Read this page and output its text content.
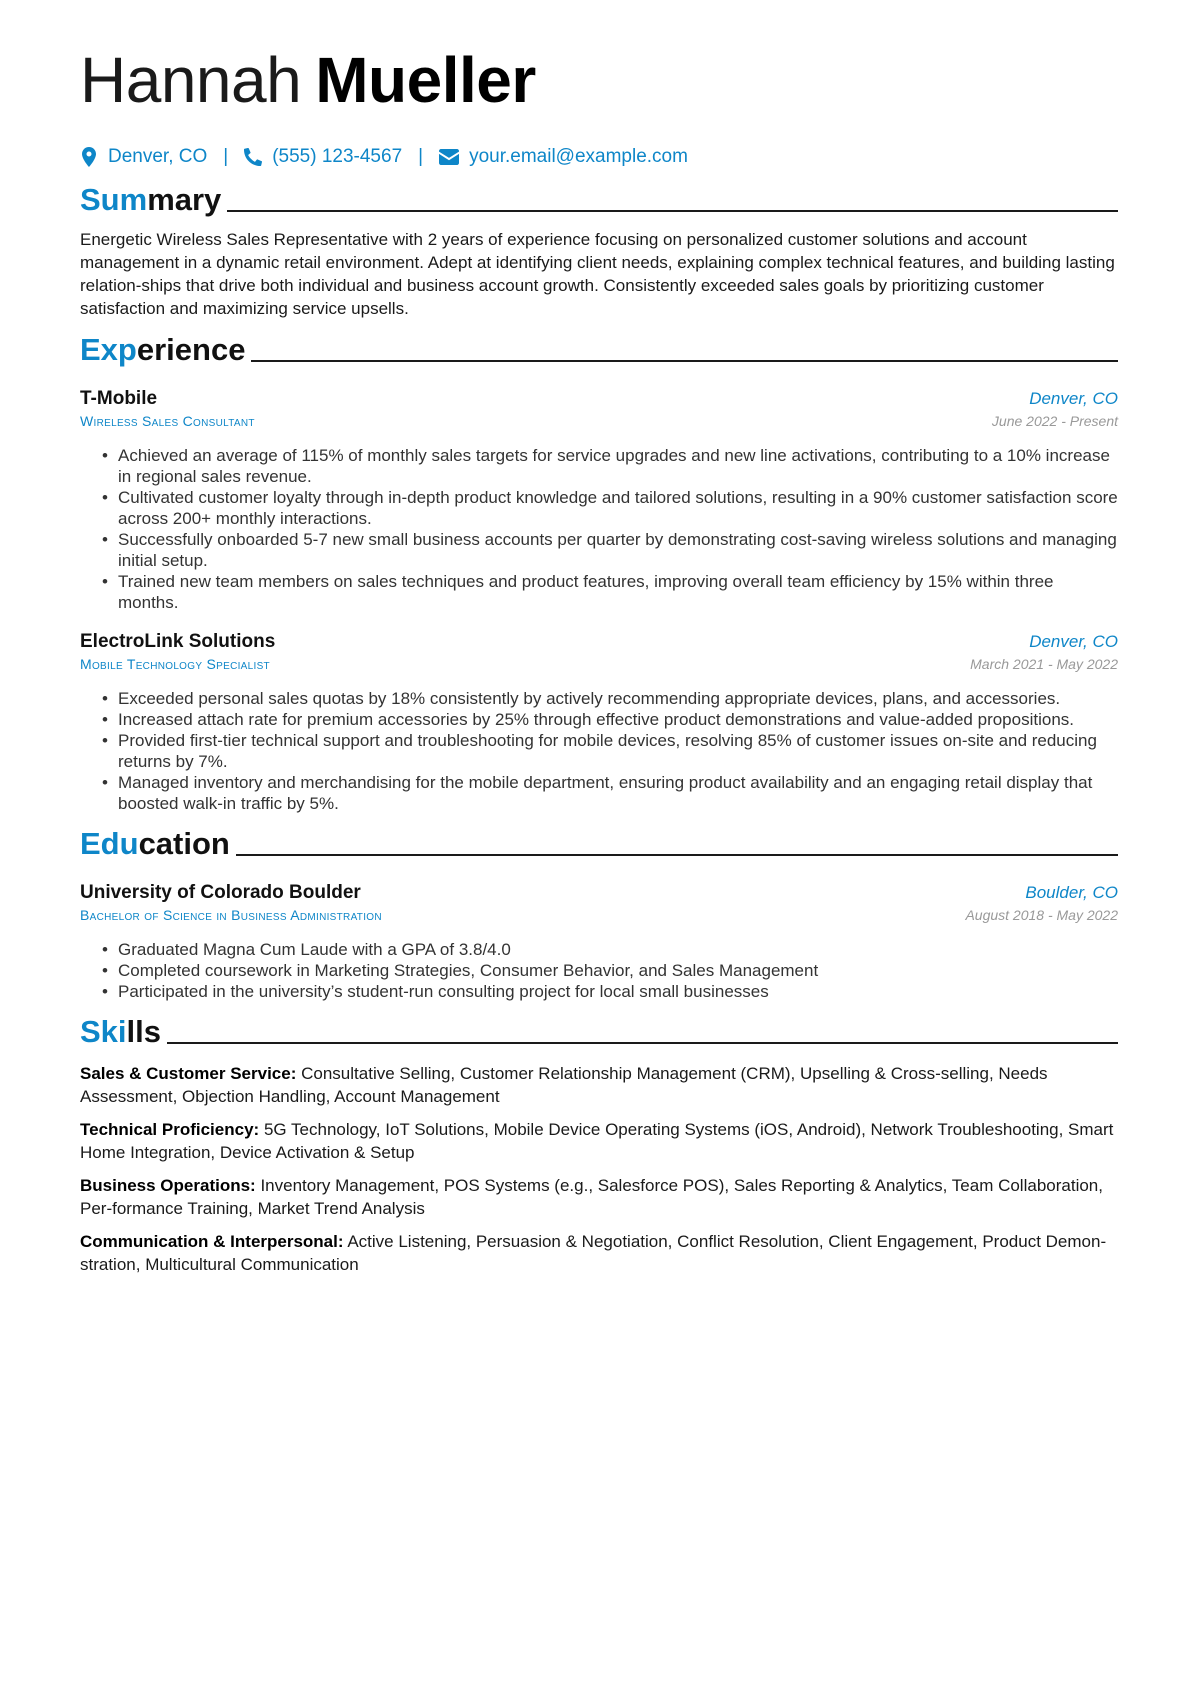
Hannah Mueller
Denver, CO | (555) 123-4567 | your.email@example.com
Summary
Energetic Wireless Sales Representative with 2 years of experience focusing on personalized customer solutions and account management in a dynamic retail environment. Adept at identifying client needs, explaining complex technical features, and building lasting relation-ships that drive both individual and business account growth. Consistently exceeded sales goals by prioritizing customer satisfaction and maximizing service upsells.
Experience
T-Mobile	Denver, CO
Wireless Sales Consultant	June 2022 - Present
• Achieved an average of 115% of monthly sales targets for service upgrades and new line activations, contributing to a 10% increase in regional sales revenue.
• Cultivated customer loyalty through in-depth product knowledge and tailored solutions, resulting in a 90% customer satisfaction score across 200+ monthly interactions.
• Successfully onboarded 5-7 new small business accounts per quarter by demonstrating cost-saving wireless solutions and managing initial setup.
• Trained new team members on sales techniques and product features, improving overall team efficiency by 15% within three months.
ElectroLink Solutions	Denver, CO
Mobile Technology Specialist	March 2021 - May 2022
• Exceeded personal sales quotas by 18% consistently by actively recommending appropriate devices, plans, and accessories.
• Increased attach rate for premium accessories by 25% through effective product demonstrations and value-added propositions.
• Provided first-tier technical support and troubleshooting for mobile devices, resolving 85% of customer issues on-site and reducing returns by 7%.
• Managed inventory and merchandising for the mobile department, ensuring product availability and an engaging retail display that boosted walk-in traffic by 5%.
Education
University of Colorado Boulder	Boulder, CO
Bachelor of Science in Business Administration	August 2018 - May 2022
• Graduated Magna Cum Laude with a GPA of 3.8/4.0
• Completed coursework in Marketing Strategies, Consumer Behavior, and Sales Management
• Participated in the university’s student-run consulting project for local small businesses
Skills
Sales & Customer Service: Consultative Selling, Customer Relationship Management (CRM), Upselling & Cross-selling, Needs Assessment, Objection Handling, Account Management
Technical Proficiency: 5G Technology, IoT Solutions, Mobile Device Operating Systems (iOS, Android), Network Troubleshooting, Smart Home Integration, Device Activation & Setup
Business Operations: Inventory Management, POS Systems (e.g., Salesforce POS), Sales Reporting & Analytics, Team Collaboration, Per-formance Training, Market Trend Analysis
Communication & Interpersonal: Active Listening, Persuasion & Negotiation, Conflict Resolution, Client Engagement, Product Demon-stration, Multicultural Communication
